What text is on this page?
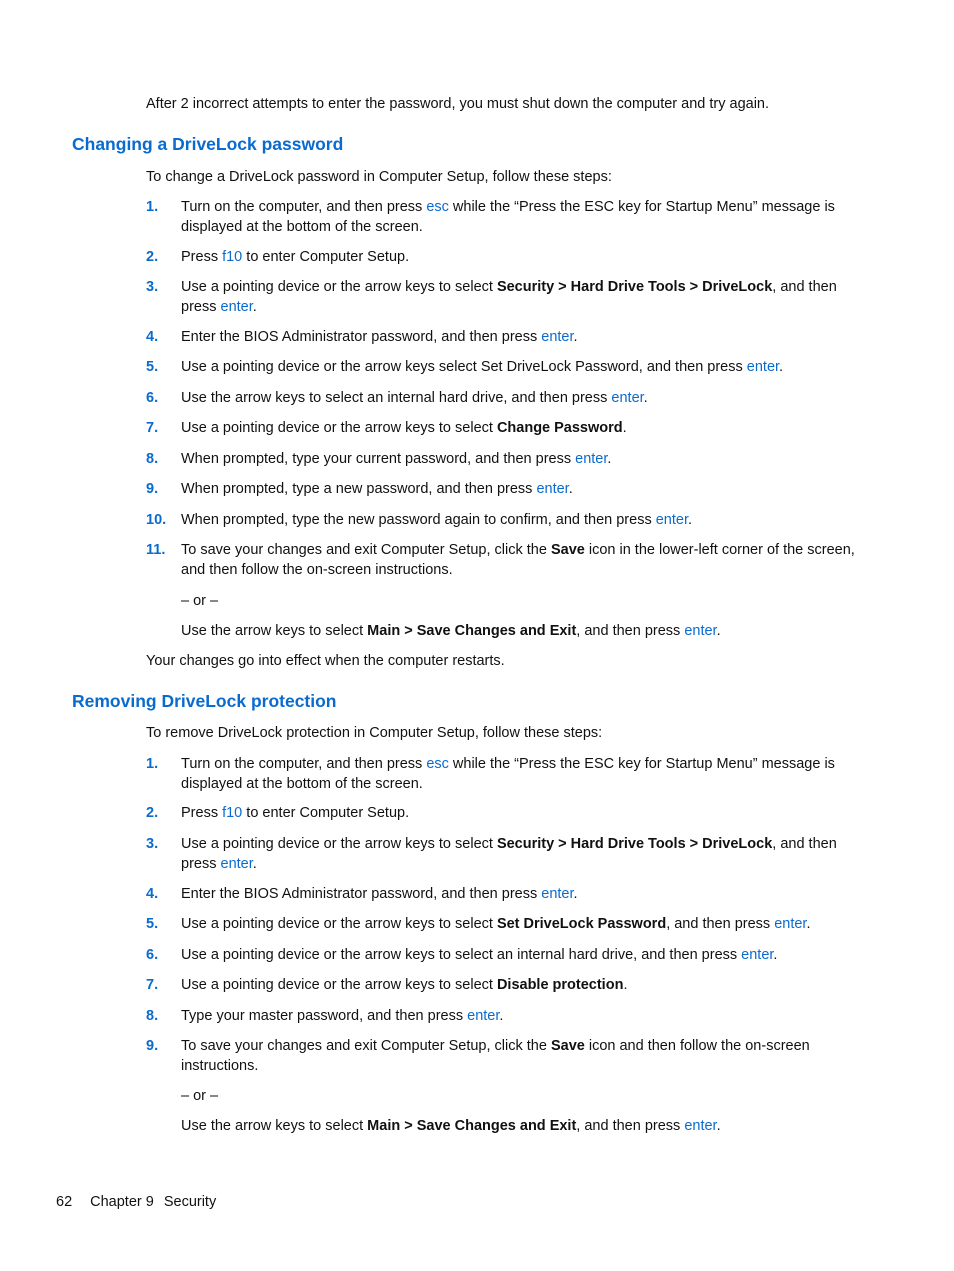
After 2 incorrect attempts to enter the password, you must shut down the computer and try again.
Changing a DriveLock password
To change a DriveLock password in Computer Setup, follow these steps:
1.	Turn on the computer, and then press esc while the “Press the ESC key for Startup Menu” message is displayed at the bottom of the screen.
2.	Press f10 to enter Computer Setup.
3.	Use a pointing device or the arrow keys to select Security > Hard Drive Tools > DriveLock, and then press enter.
4.	Enter the BIOS Administrator password, and then press enter.
5.	Use a pointing device or the arrow keys select Set DriveLock Password, and then press enter.
6.	Use the arrow keys to select an internal hard drive, and then press enter.
7.	Use a pointing device or the arrow keys to select Change Password.
8.	When prompted, type your current password, and then press enter.
9.	When prompted, type a new password, and then press enter.
10.	When prompted, type the new password again to confirm, and then press enter.
11.	To save your changes and exit Computer Setup, click the Save icon in the lower-left corner of the screen, and then follow the on-screen instructions.
– or –
Use the arrow keys to select Main > Save Changes and Exit, and then press enter.
Your changes go into effect when the computer restarts.
Removing DriveLock protection
To remove DriveLock protection in Computer Setup, follow these steps:
1.	Turn on the computer, and then press esc while the “Press the ESC key for Startup Menu” message is displayed at the bottom of the screen.
2.	Press f10 to enter Computer Setup.
3.	Use a pointing device or the arrow keys to select Security > Hard Drive Tools > DriveLock, and then press enter.
4.	Enter the BIOS Administrator password, and then press enter.
5.	Use a pointing device or the arrow keys to select Set DriveLock Password, and then press enter.
6.	Use a pointing device or the arrow keys to select an internal hard drive, and then press enter.
7.	Use a pointing device or the arrow keys to select Disable protection.
8.	Type your master password, and then press enter.
9.	To save your changes and exit Computer Setup, click the Save icon and then follow the on-screen instructions.
– or –
Use the arrow keys to select Main > Save Changes and Exit, and then press enter.
62 Chapter 9 Security
